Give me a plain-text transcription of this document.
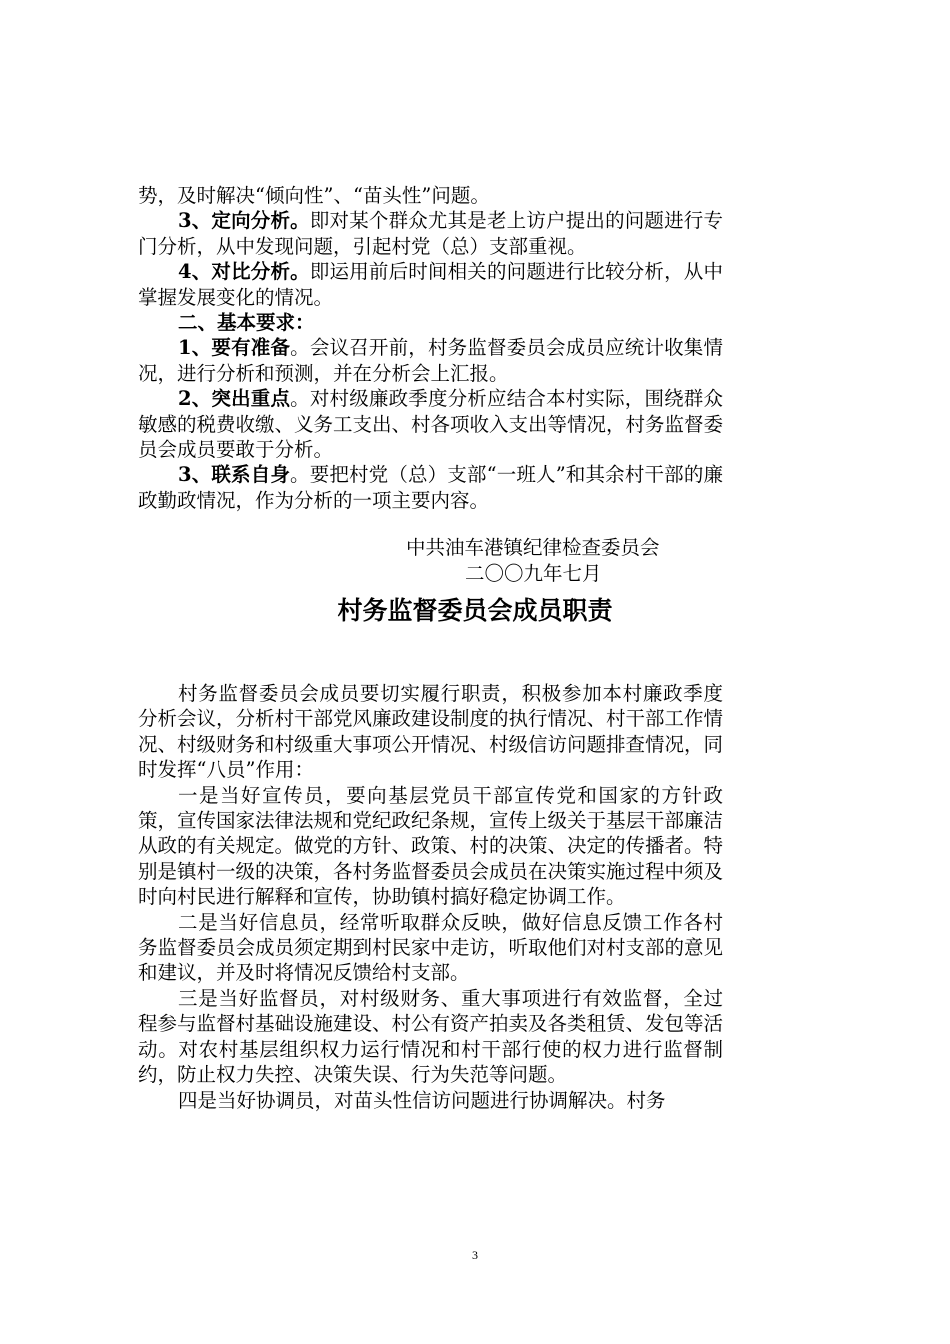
势，及时解决“倾向性”、“苗头性”问题。

3、定向分析。即对某个群众尤其是老上访户提出的问题进行专门分析，从中发现问题，引起村党（总）支部重视。

4、对比分析。即运用前后时间相关的问题进行比较分析，从中掌握发展变化的情况。

二、基本要求：

1、要有准备。会议召开前，村务监督委员会成员应统计收集情况，进行分析和预测，并在分析会上汇报。

2、突出重点。对村级廉政季度分析应结合本村实际，围绕群众敏感的税费收缴、义务工支出、村各项收入支出等情况，村务监督委员会成员要敢于分析。

3、联系自身。要把村党（总）支部“一班人”和其余村干部的廉政勤政情况，作为分析的一项主要内容。

中共油车港镇纪律检查委员会
二〇〇九年七月
村务监督委员会成员职责

村务监督委员会成员要切实履行职责，积极参加本村廉政季度分析会议，分析村干部党风廉政建设制度的执行情况、村干部工作情况、村级财务和村级重大事项公开情况、村级信访问题排查情况，同时发挥“八员”作用：

一是当好宣传员，要向基层党员干部宣传党和国家的方针政策，宣传国家法律法规和党纪政纪条规，宣传上级关于基层干部廉洁从政的有关规定。做党的方针、政策、村的决策、决定的传播者。特别是镇村一级的决策，各村务监督委员会成员在决策实施过程中须及时向村民进行解释和宣传，协助镇村搞好稳定协调工作。

二是当好信息员，经常听取群众反映，做好信息反馈工作各村务监督委员会成员须定期到村民家中走访，听取他们对村支部的意见和建议，并及时将情况反馈给村支部。

三是当好监督员，对村级财务、重大事项进行有效监督，全过程参与监督村基础设施建设、村公有资产拍卖及各类租赁、发包等活动。对农村基层组织权力运行情况和村干部行使的权力进行监督制约，防止权力失控、决策失误、行为失范等问题。

四是当好协调员，对苗头性信访问题进行协调解决。村务

3
